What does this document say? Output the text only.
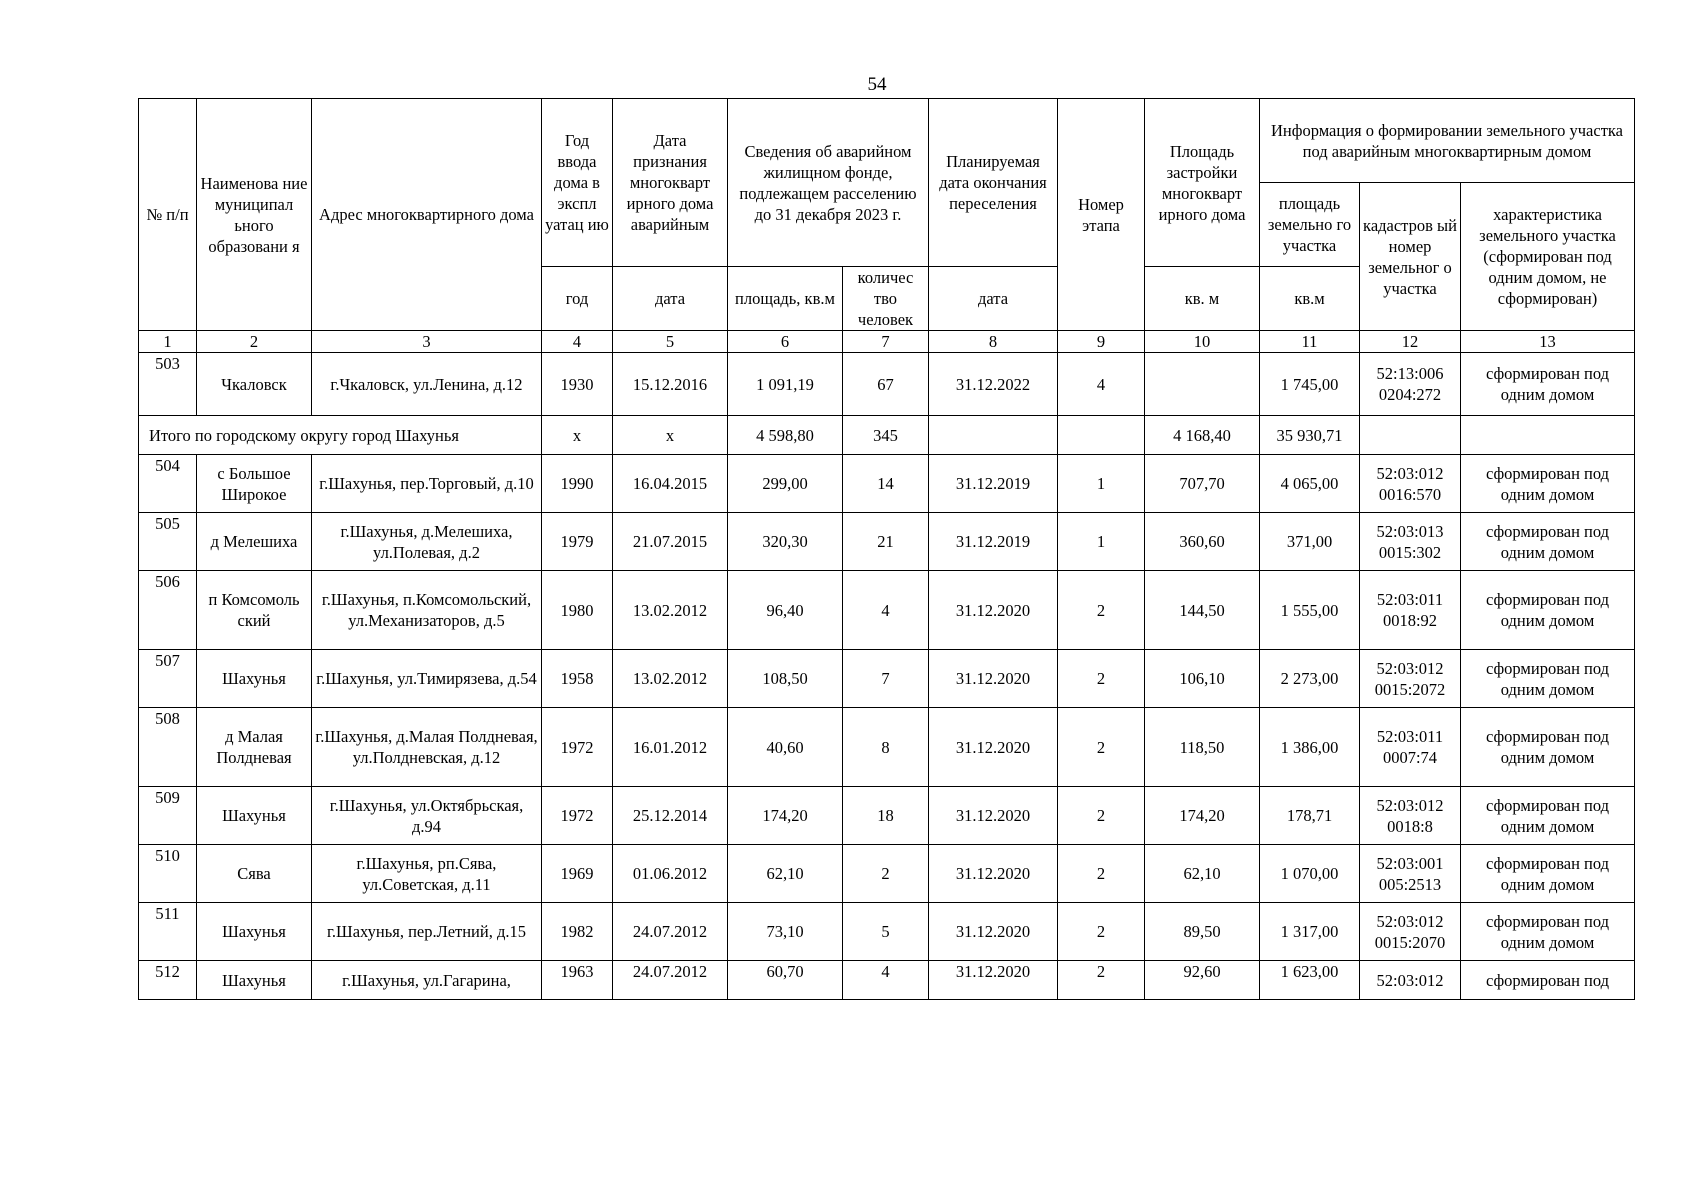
54
№ п/п	Наименова ние муниципал ьного образовани я	Адрес многоквартирного дома	Год ввода дома в экспл уатац ию	Дата признания многокварт ирного дома аварийным	Сведения об аварийном жилищном фонде, подлежащем расселению до 31 декабря 2023 г.		Планируемая дата окончания переселения	Номер этапа	Площадь застройки многокварт ирного дома	Информация о формировании земельного участка под аварийным многоквартирным домом		
										площадь земельно го участка	кадастров ый номер земельног о участка	характеристика земельного участка (сформирован под одним домом, не сформирован)
			год	дата	площадь, кв.м	количес тво человек	дата		кв. м	кв.м		
1	2	3	4	5	6	7	8	9	10	11	12	13
503	Чкаловск	г.Чкаловск, ул.Ленина, д.12	1930	15.12.2016	1 091,19	67	31.12.2022	4		1 745,00	52:13:006 0204:272	сформирован под одним домом
Итого по городскому округу город Шахунья			х	х	4 598,80	345			4 168,40	35 930,71		
504	с Большое Широкое	г.Шахунья, пер.Торговый, д.10	1990	16.04.2015	299,00	14	31.12.2019	1	707,70	4 065,00	52:03:012 0016:570	сформирован под одним домом
505	д Мелешиха	г.Шахунья, д.Мелешиха, ул.Полевая, д.2	1979	21.07.2015	320,30	21	31.12.2019	1	360,60	371,00	52:03:013 0015:302	сформирован под одним домом
506	п Комсомоль ский	г.Шахунья, п.Комсомольский, ул.Механизаторов, д.5	1980	13.02.2012	96,40	4	31.12.2020	2	144,50	1 555,00	52:03:011 0018:92	сформирован под одним домом
507	Шахунья	г.Шахунья, ул.Тимирязева, д.54	1958	13.02.2012	108,50	7	31.12.2020	2	106,10	2 273,00	52:03:012 0015:2072	сформирован под одним домом
508	д Малая Полдневая	г.Шахунья, д.Малая Полдневая, ул.Полдневская, д.12	1972	16.01.2012	40,60	8	31.12.2020	2	118,50	1 386,00	52:03:011 0007:74	сформирован под одним домом
509	Шахунья	г.Шахунья, ул.Октябрьская, д.94	1972	25.12.2014	174,20	18	31.12.2020	2	174,20	178,71	52:03:012 0018:8	сформирован под одним домом
510	Сява	г.Шахунья, рп.Сява, ул.Советская, д.11	1969	01.06.2012	62,10	2	31.12.2020	2	62,10	1 070,00	52:03:001 005:2513	сформирован под одним домом
511	Шахунья	г.Шахунья, пер.Летний, д.15	1982	24.07.2012	73,10	5	31.12.2020	2	89,50	1 317,00	52:03:012 0015:2070	сформирован под одним домом
512	Шахунья	г.Шахунья, ул.Гагарина,	1963	24.07.2012	60,70	4	31.12.2020	2	92,60	1 623,00	52:03:012	сформирован под
